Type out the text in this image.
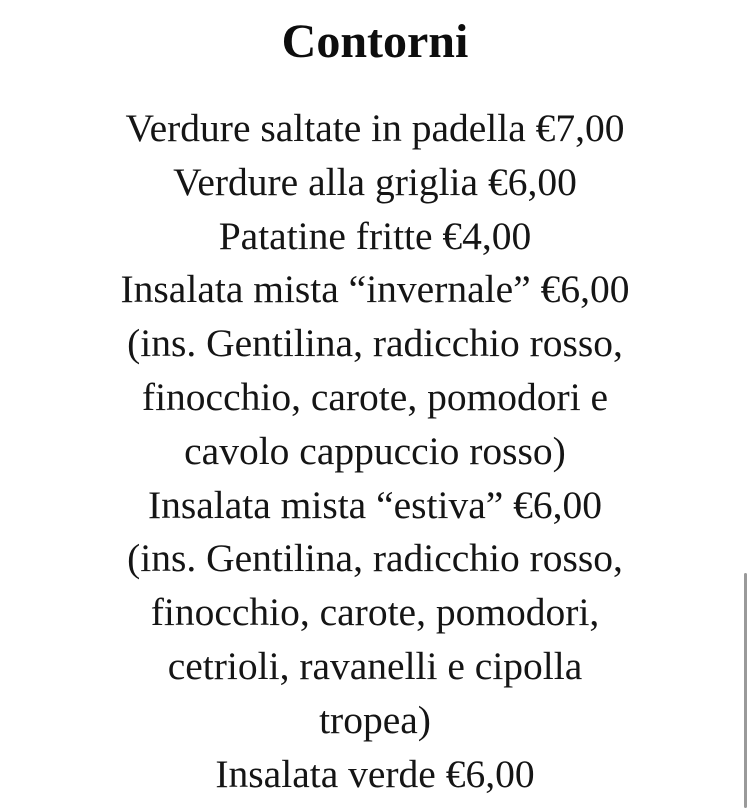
Contorni
Verdure saltate in padella €7,00
Verdure alla griglia €6,00
Patatine fritte €4,00
Insalata mista “invernale” €6,00
(ins. Gentilina, radicchio rosso,
finocchio, carote, pomodori e
cavolo cappuccio rosso)
Insalata mista “estiva” €6,00
(ins. Gentilina, radicchio rosso,
finocchio, carote, pomodori,
cetrioli, ravanelli e cipolla
tropea)
Insalata verde €6,00
